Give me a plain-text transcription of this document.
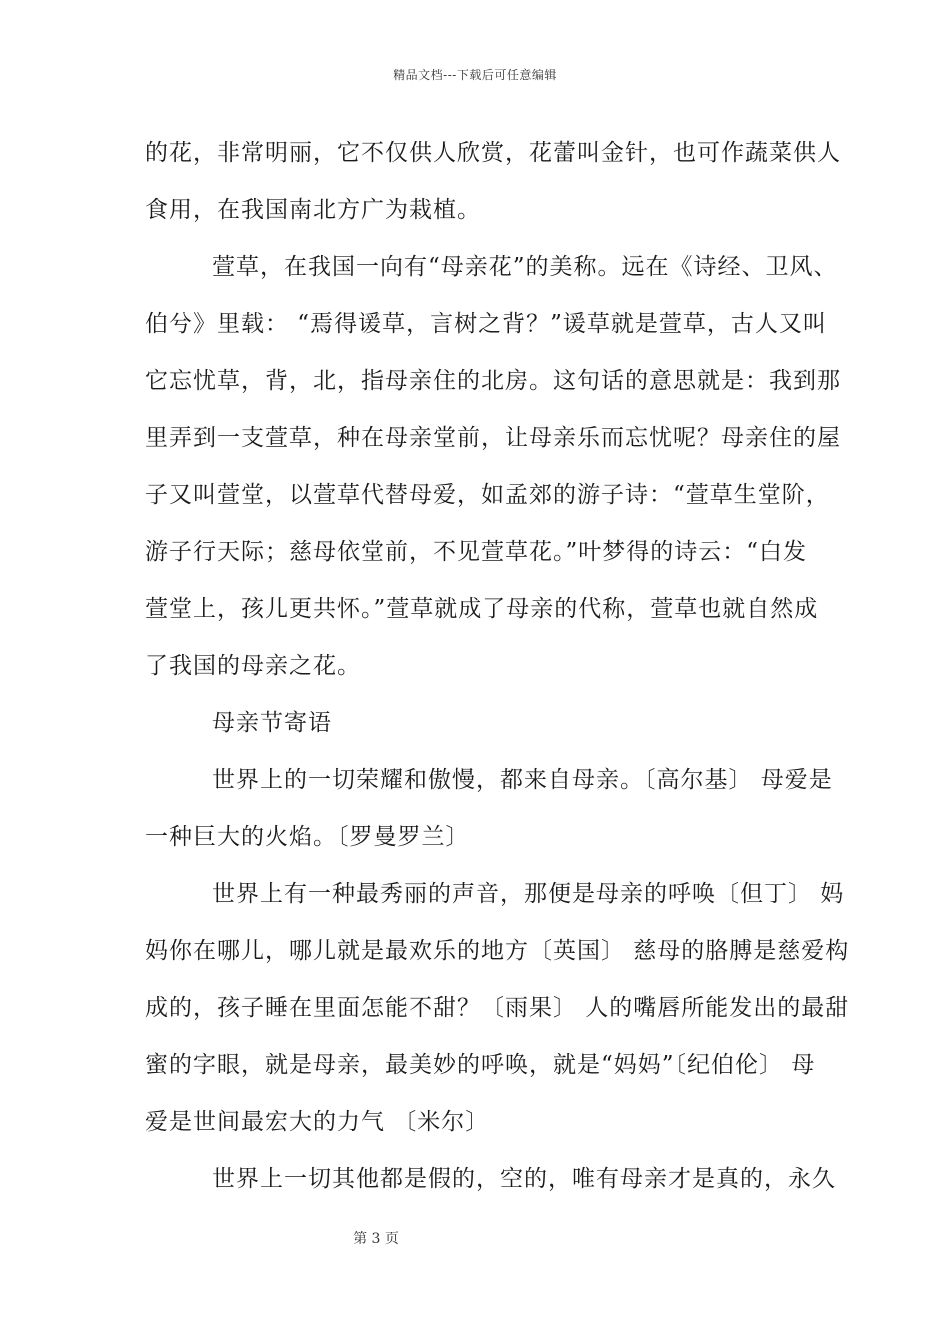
精品文档---下载后可任意编辑
的花，非常明丽，它不仅供人欣赏，花蕾叫金针，也可作蔬菜供人
食用，在我国南北方广为栽植。
萱草，在我国一向有“母亲花”的美称。远在《诗经、卫风、
伯兮》里载： “焉得谖草，言树之背？”谖草就是萱草，古人又叫
它忘忧草，背，北，指母亲住的北房。这句话的意思就是：我到那
里弄到一支萱草，种在母亲堂前，让母亲乐而忘忧呢？母亲住的屋
子又叫萱堂，以萱草代替母爱，如孟郊的游子诗：“萱草生堂阶，
游子行天际；慈母依堂前，不见萱草花。”叶梦得的诗云：“白发
萱堂上，孩儿更共怀。”萱草就成了母亲的代称，萱草也就自然成
了我国的母亲之花。
母亲节寄语
世界上的一切荣耀和傲慢，都来自母亲。〔高尔基〕 母爱是
一种巨大的火焰。〔罗曼罗兰〕
世界上有一种最秀丽的声音，那便是母亲的呼唤〔但丁〕 妈
妈你在哪儿，哪儿就是最欢乐的地方〔英国〕 慈母的胳膊是慈爱构
成的，孩子睡在里面怎能不甜？〔雨果〕 人的嘴唇所能发出的最甜
蜜的字眼，就是母亲，最美妙的呼唤，就是“妈妈”〔纪伯伦〕 母
爱是世间最宏大的力气 〔米尔〕
世界上一切其他都是假的，空的，唯有母亲才是真的，永久
第 3 页
